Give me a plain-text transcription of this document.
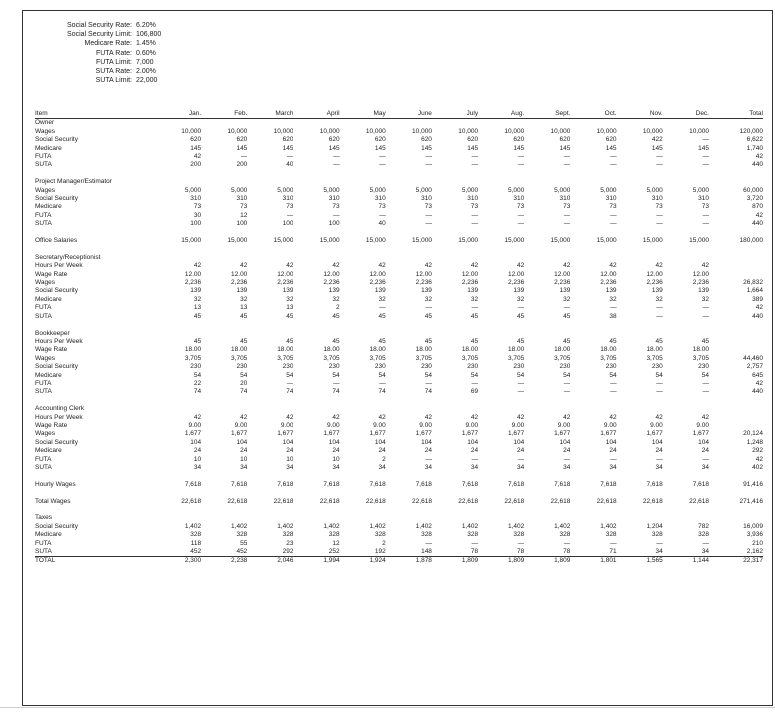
Social Security Rate: 6.20%
Social Security Limit: 106,800
Medicare Rate: 1.45%
FUTA Rate: 0.60%
FUTA Limit: 7,000
SUTA Rate: 2.00%
SUTA Limit: 22,000
Item	Jan.	Feb.	March	April	May	June	July	Aug.	Sept.	Oct.	Nov.	Dec.	Total
Owner													
Wages	10,000	10,000	10,000	10,000	10,000	10,000	10,000	10,000	10,000	10,000	10,000	10,000	120,000
Social Security	620	620	620	620	620	620	620	620	620	620	422	—	6,622
Medicare	145	145	145	145	145	145	145	145	145	145	145	145	1,740
FUTA	42	—	—	—	—	—	—	—	—	—	—	—	42
SUTA	200	200	40	—	—	—	—	—	—	—	—	—	440

Project Manager/Estimator													
Wages	5,000	5,000	5,000	5,000	5,000	5,000	5,000	5,000	5,000	5,000	5,000	5,000	60,000
Social Security	310	310	310	310	310	310	310	310	310	310	310	310	3,720
Medicare	73	73	73	73	73	73	73	73	73	73	73	73	870
FUTA	30	12	—	—	—	—	—	—	—	—	—	—	42
SUTA	100	100	100	100	40	—	—	—	—	—	—	—	440

Office Salaries	15,000	15,000	15,000	15,000	15,000	15,000	15,000	15,000	15,000	15,000	15,000	15,000	180,000

Secretary/Receptionist													
Hours Per Week	42	42	42	42	42	42	42	42	42	42	42	42	
Wage Rate	12.00	12.00	12.00	12.00	12.00	12.00	12.00	12.00	12.00	12.00	12.00	12.00	
Wages	2,236	2,236	2,236	2,236	2,236	2,236	2,236	2,236	2,236	2,236	2,236	2,236	26,832
Social Security	139	139	139	139	139	139	139	139	139	139	139	139	1,664
Medicare	32	32	32	32	32	32	32	32	32	32	32	32	389
FUTA	13	13	13	2	—	—	—	—	—	—	—	—	42
SUTA	45	45	45	45	45	45	45	45	45	38	—	—	440

Bookkeeper													
Hours Per Week	45	45	45	45	45	45	45	45	45	45	45	45	
Wage Rate	18.00	18.00	18.00	18.00	18.00	18.00	18.00	18.00	18.00	18.00	18.00	18.00	
Wages	3,705	3,705	3,705	3,705	3,705	3,705	3,705	3,705	3,705	3,705	3,705	3,705	44,460
Social Security	230	230	230	230	230	230	230	230	230	230	230	230	2,757
Medicare	54	54	54	54	54	54	54	54	54	54	54	54	645
FUTA	22	20	—	—	—	—	—	—	—	—	—	—	42
SUTA	74	74	74	74	74	74	69	—	—	—	—	—	440

Accounting Clerk													
Hours Per Week	42	42	42	42	42	42	42	42	42	42	42	42	
Wage Rate	9.00	9.00	9.00	9.00	9.00	9.00	9.00	9.00	9.00	9.00	9.00	9.00	
Wages	1,677	1,677	1,677	1,677	1,677	1,677	1,677	1,677	1,677	1,677	1,677	1,677	20,124
Social Security	104	104	104	104	104	104	104	104	104	104	104	104	1,248
Medicare	24	24	24	24	24	24	24	24	24	24	24	24	292
FUTA	10	10	10	10	2	—	—	—	—	—	—	—	42
SUTA	34	34	34	34	34	34	34	34	34	34	34	34	402

Hourly Wages	7,618	7,618	7,618	7,618	7,618	7,618	7,618	7,618	7,618	7,618	7,618	7,618	91,416

Total Wages	22,618	22,618	22,618	22,618	22,618	22,618	22,618	22,618	22,618	22,618	22,618	22,618	271,416

Taxes													
Social Security	1,402	1,402	1,402	1,402	1,402	1,402	1,402	1,402	1,402	1,402	1,204	782	16,009
Medicare	328	328	328	328	328	328	328	328	328	328	328	328	3,936
FUTA	118	55	23	12	2	—	—	—	—	—	—	—	210
SUTA	452	452	292	252	192	148	78	78	78	71	34	34	2,162
TOTAL	2,300	2,238	2,046	1,994	1,924	1,878	1,809	1,809	1,809	1,801	1,565	1,144	22,317
